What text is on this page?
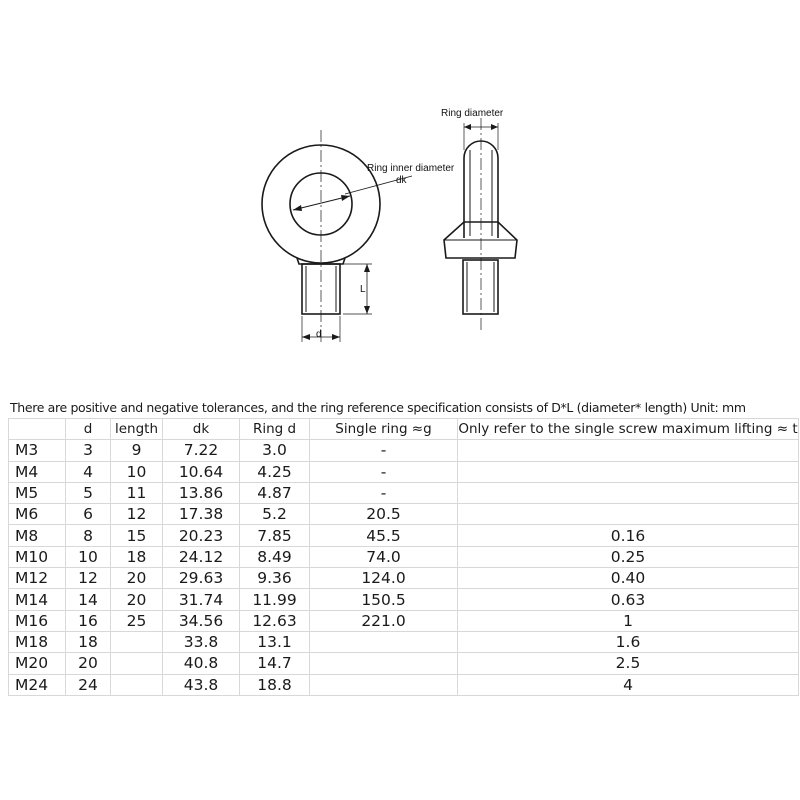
Ring diameter
Ring inner diameter
dk
L
d
There are positive and negative tolerances, and the ring reference specification consists of D*L (diameter* length) Unit: mm
	d	length	dk	Ring d	Single ring ≈g	Only refer to the single screw maximum lifting ≈ t
M3	3	9	7.22	3.0	-	
M4	4	10	10.64	4.25	-	
M5	5	11	13.86	4.87	-	
M6	6	12	17.38	5.2	20.5	
M8	8	15	20.23	7.85	45.5	0.16
M10	10	18	24.12	8.49	74.0	0.25
M12	12	20	29.63	9.36	124.0	0.40
M14	14	20	31.74	11.99	150.5	0.63
M16	16	25	34.56	12.63	221.0	1
M18	18		33.8	13.1		1.6
M20	20		40.8	14.7		2.5
M24	24		43.8	18.8		4
